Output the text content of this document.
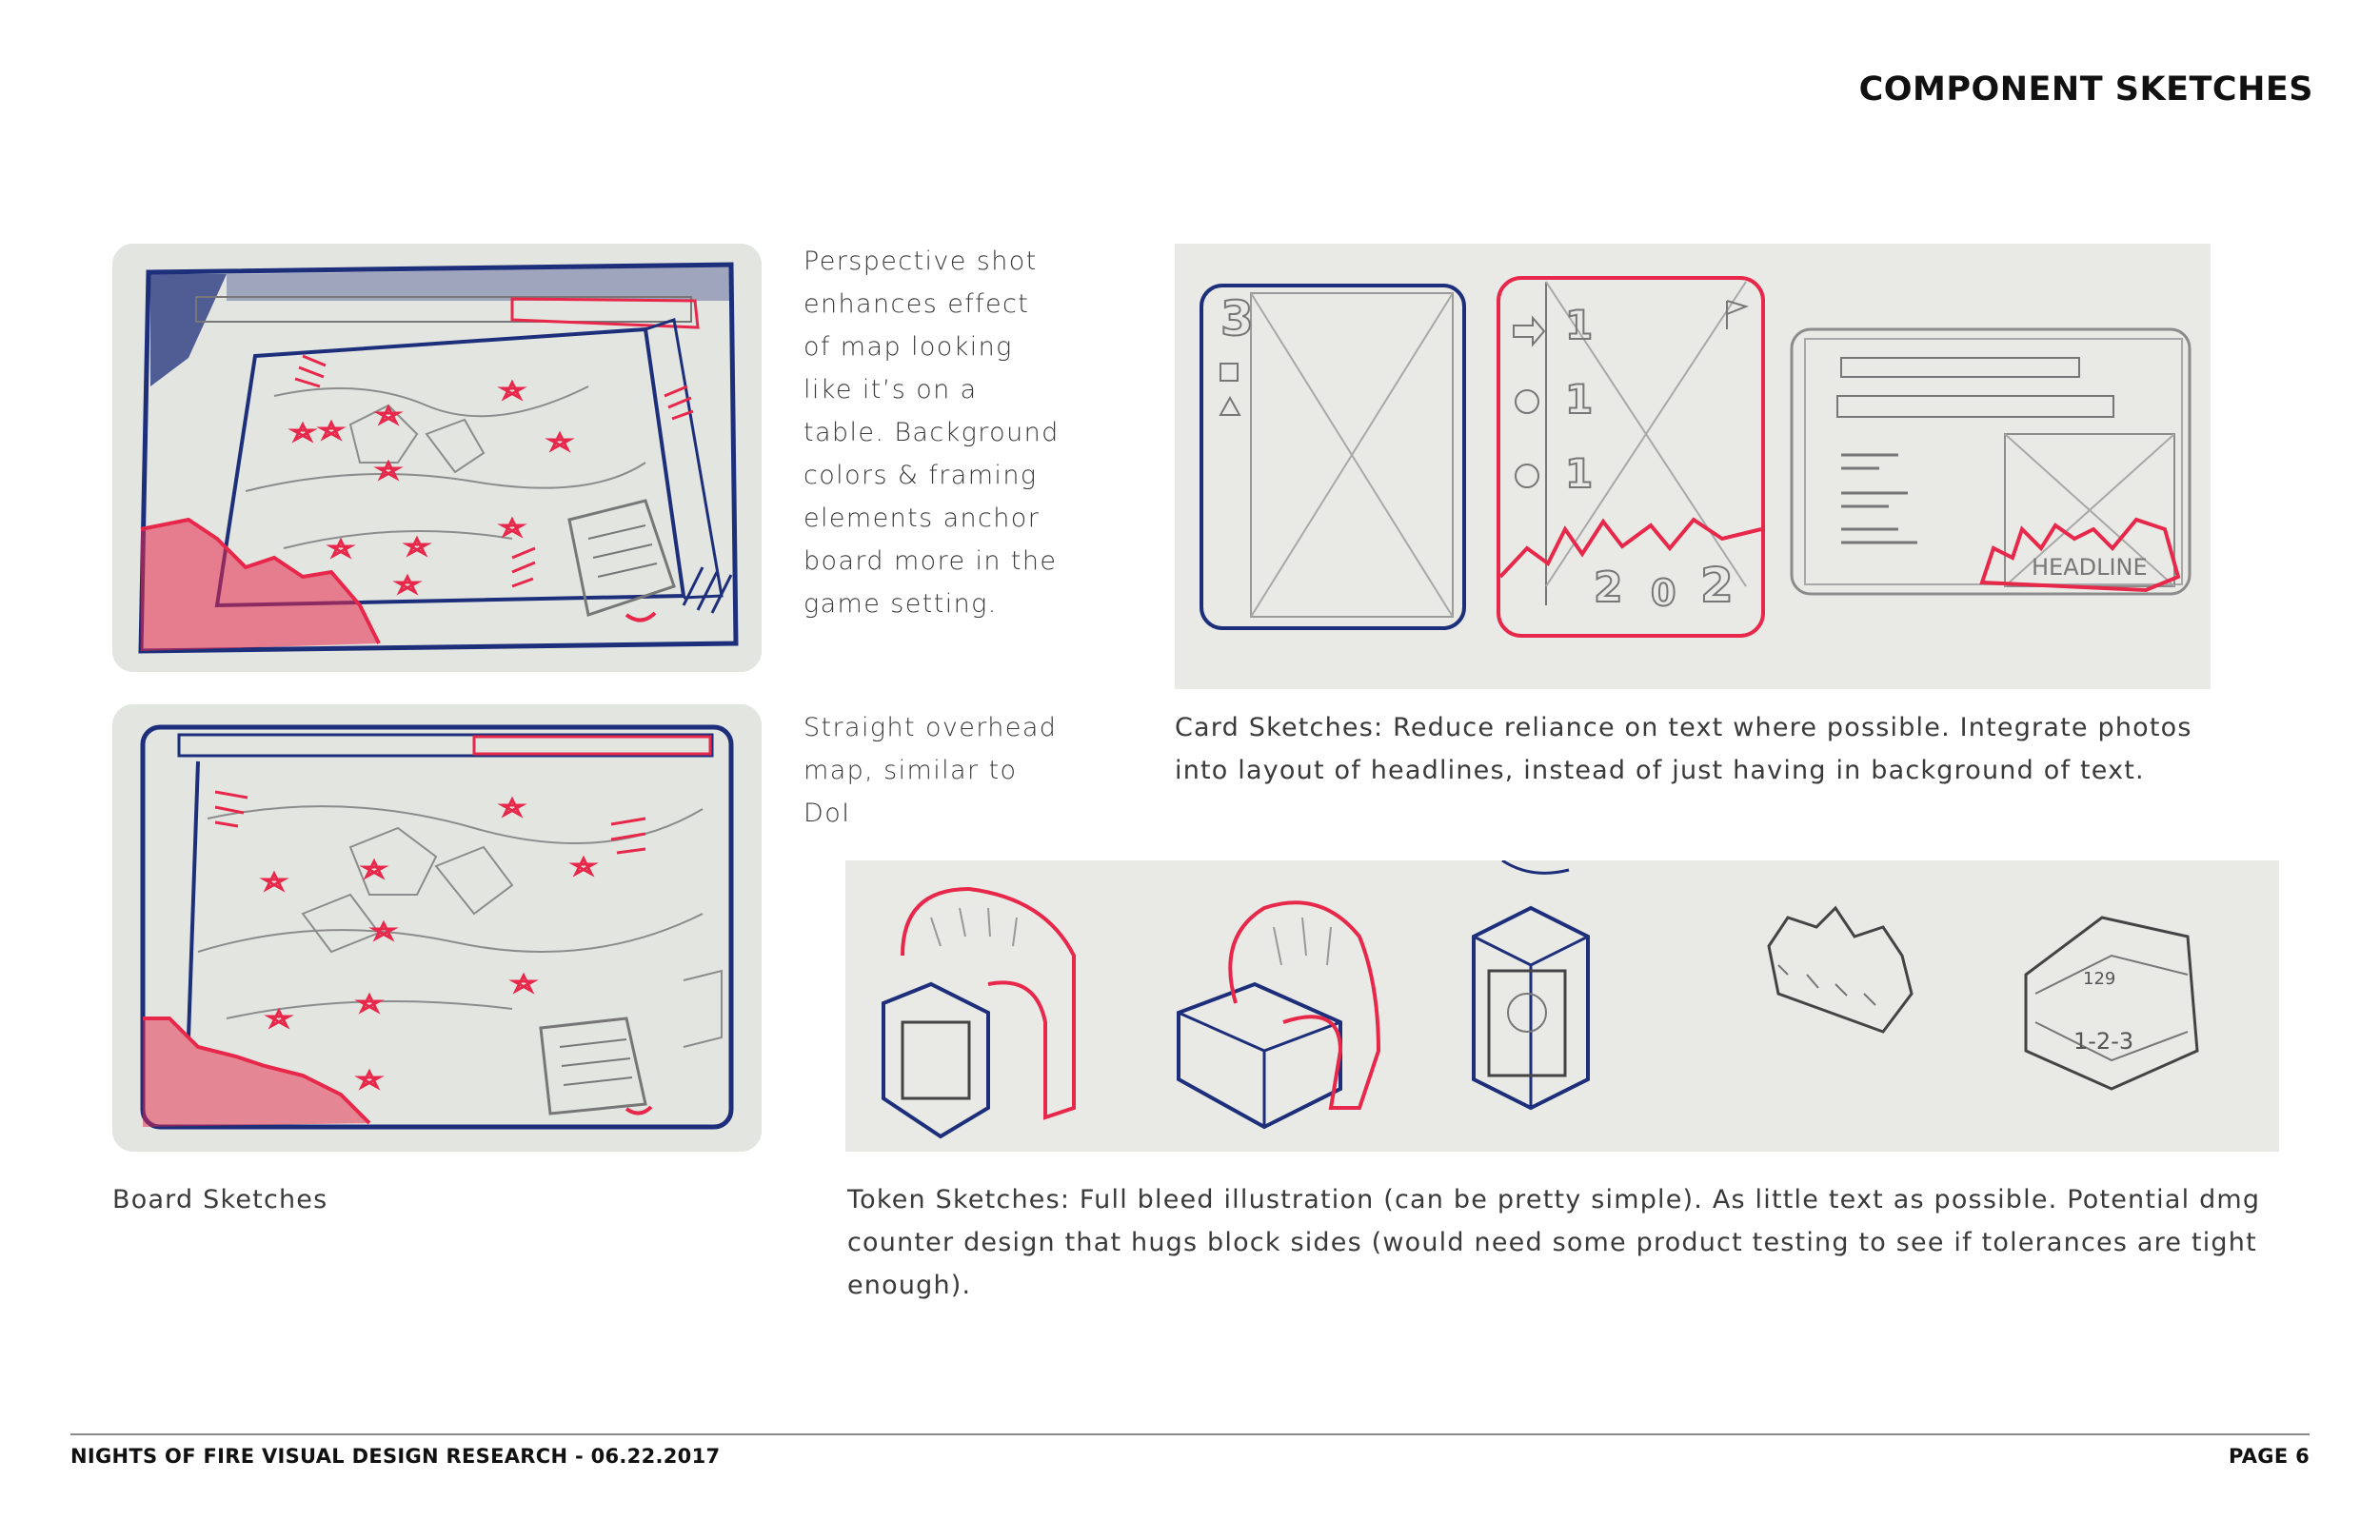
COMPONENT SKETCHES
Perspective shot enhances effect of map looking like it’s on a table. Background colors & framing elements anchor board more in the game setting.
Straight overhead map, similar to DoI
3	1
1
1
2 0 2	HEADLINE
Card Sketches: Reduce reliance on text where possible. Integrate photos into layout of headlines, instead of just having in background of text.
129
1-2-3
Board Sketches	Token Sketches: Full bleed illustration (can be pretty simple). As little text as possible. Potential dmg counter design that hugs block sides (would need some product testing to see if tolerances are tight enough).
NIGHTS OF FIRE VISUAL DESIGN RESEARCH - 06.22.2017	PAGE 6
